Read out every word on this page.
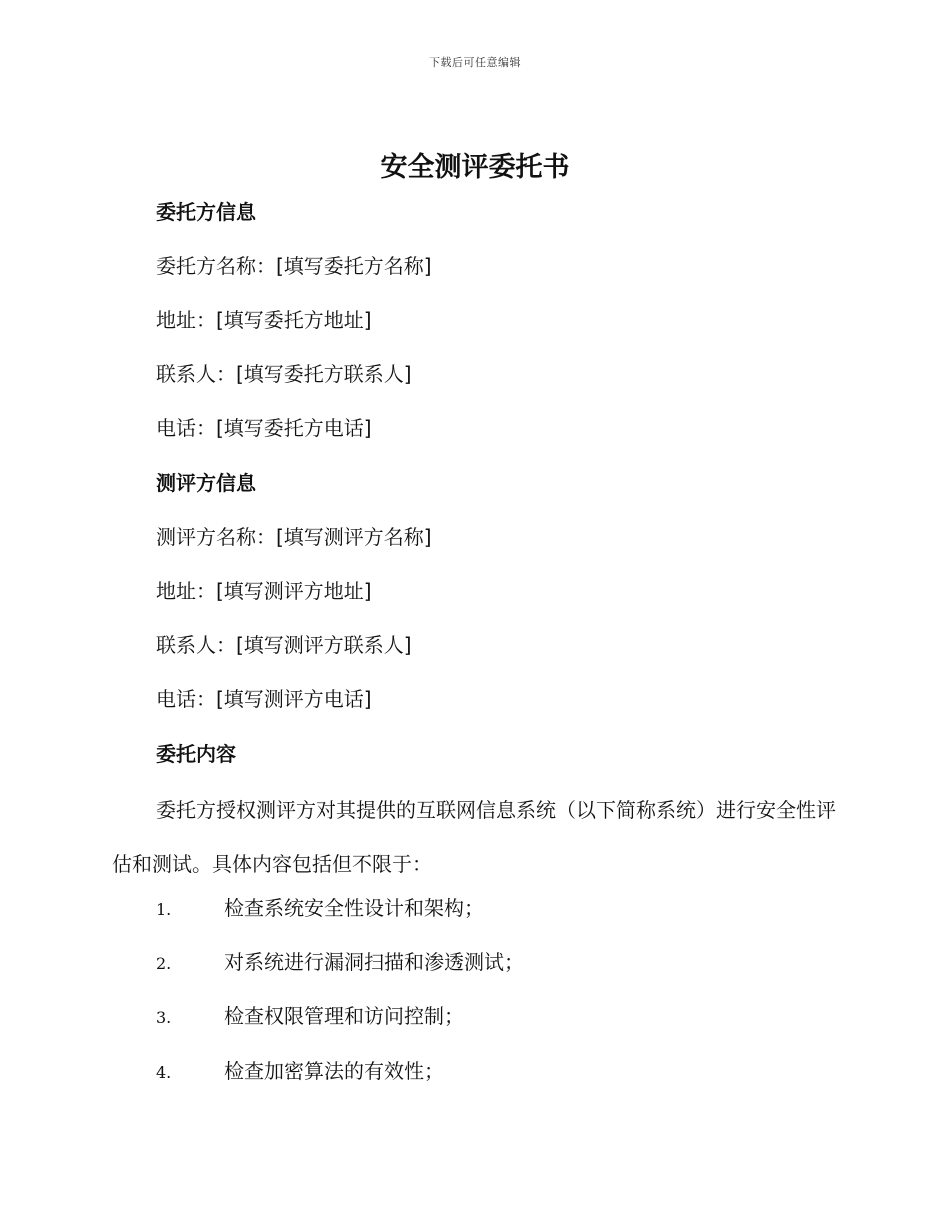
下载后可任意编辑
安全测评委托书
委托方信息
委托方名称：[填写委托方名称]
地址：[填写委托方地址]
联系人：[填写委托方联系人]
电话：[填写委托方电话]
测评方信息
测评方名称：[填写测评方名称]
地址：[填写测评方地址]
联系人：[填写测评方联系人]
电话：[填写测评方电话]
委托内容

委托方授权测评方对其提供的互联网信息系统（以下简称系统）进行安全性评估和测试。具体内容包括但不限于：

1.	检查系统安全性设计和架构；
2.	对系统进行漏洞扫描和渗透测试；
3.	检查权限管理和访问控制；
4.	检查加密算法的有效性；
